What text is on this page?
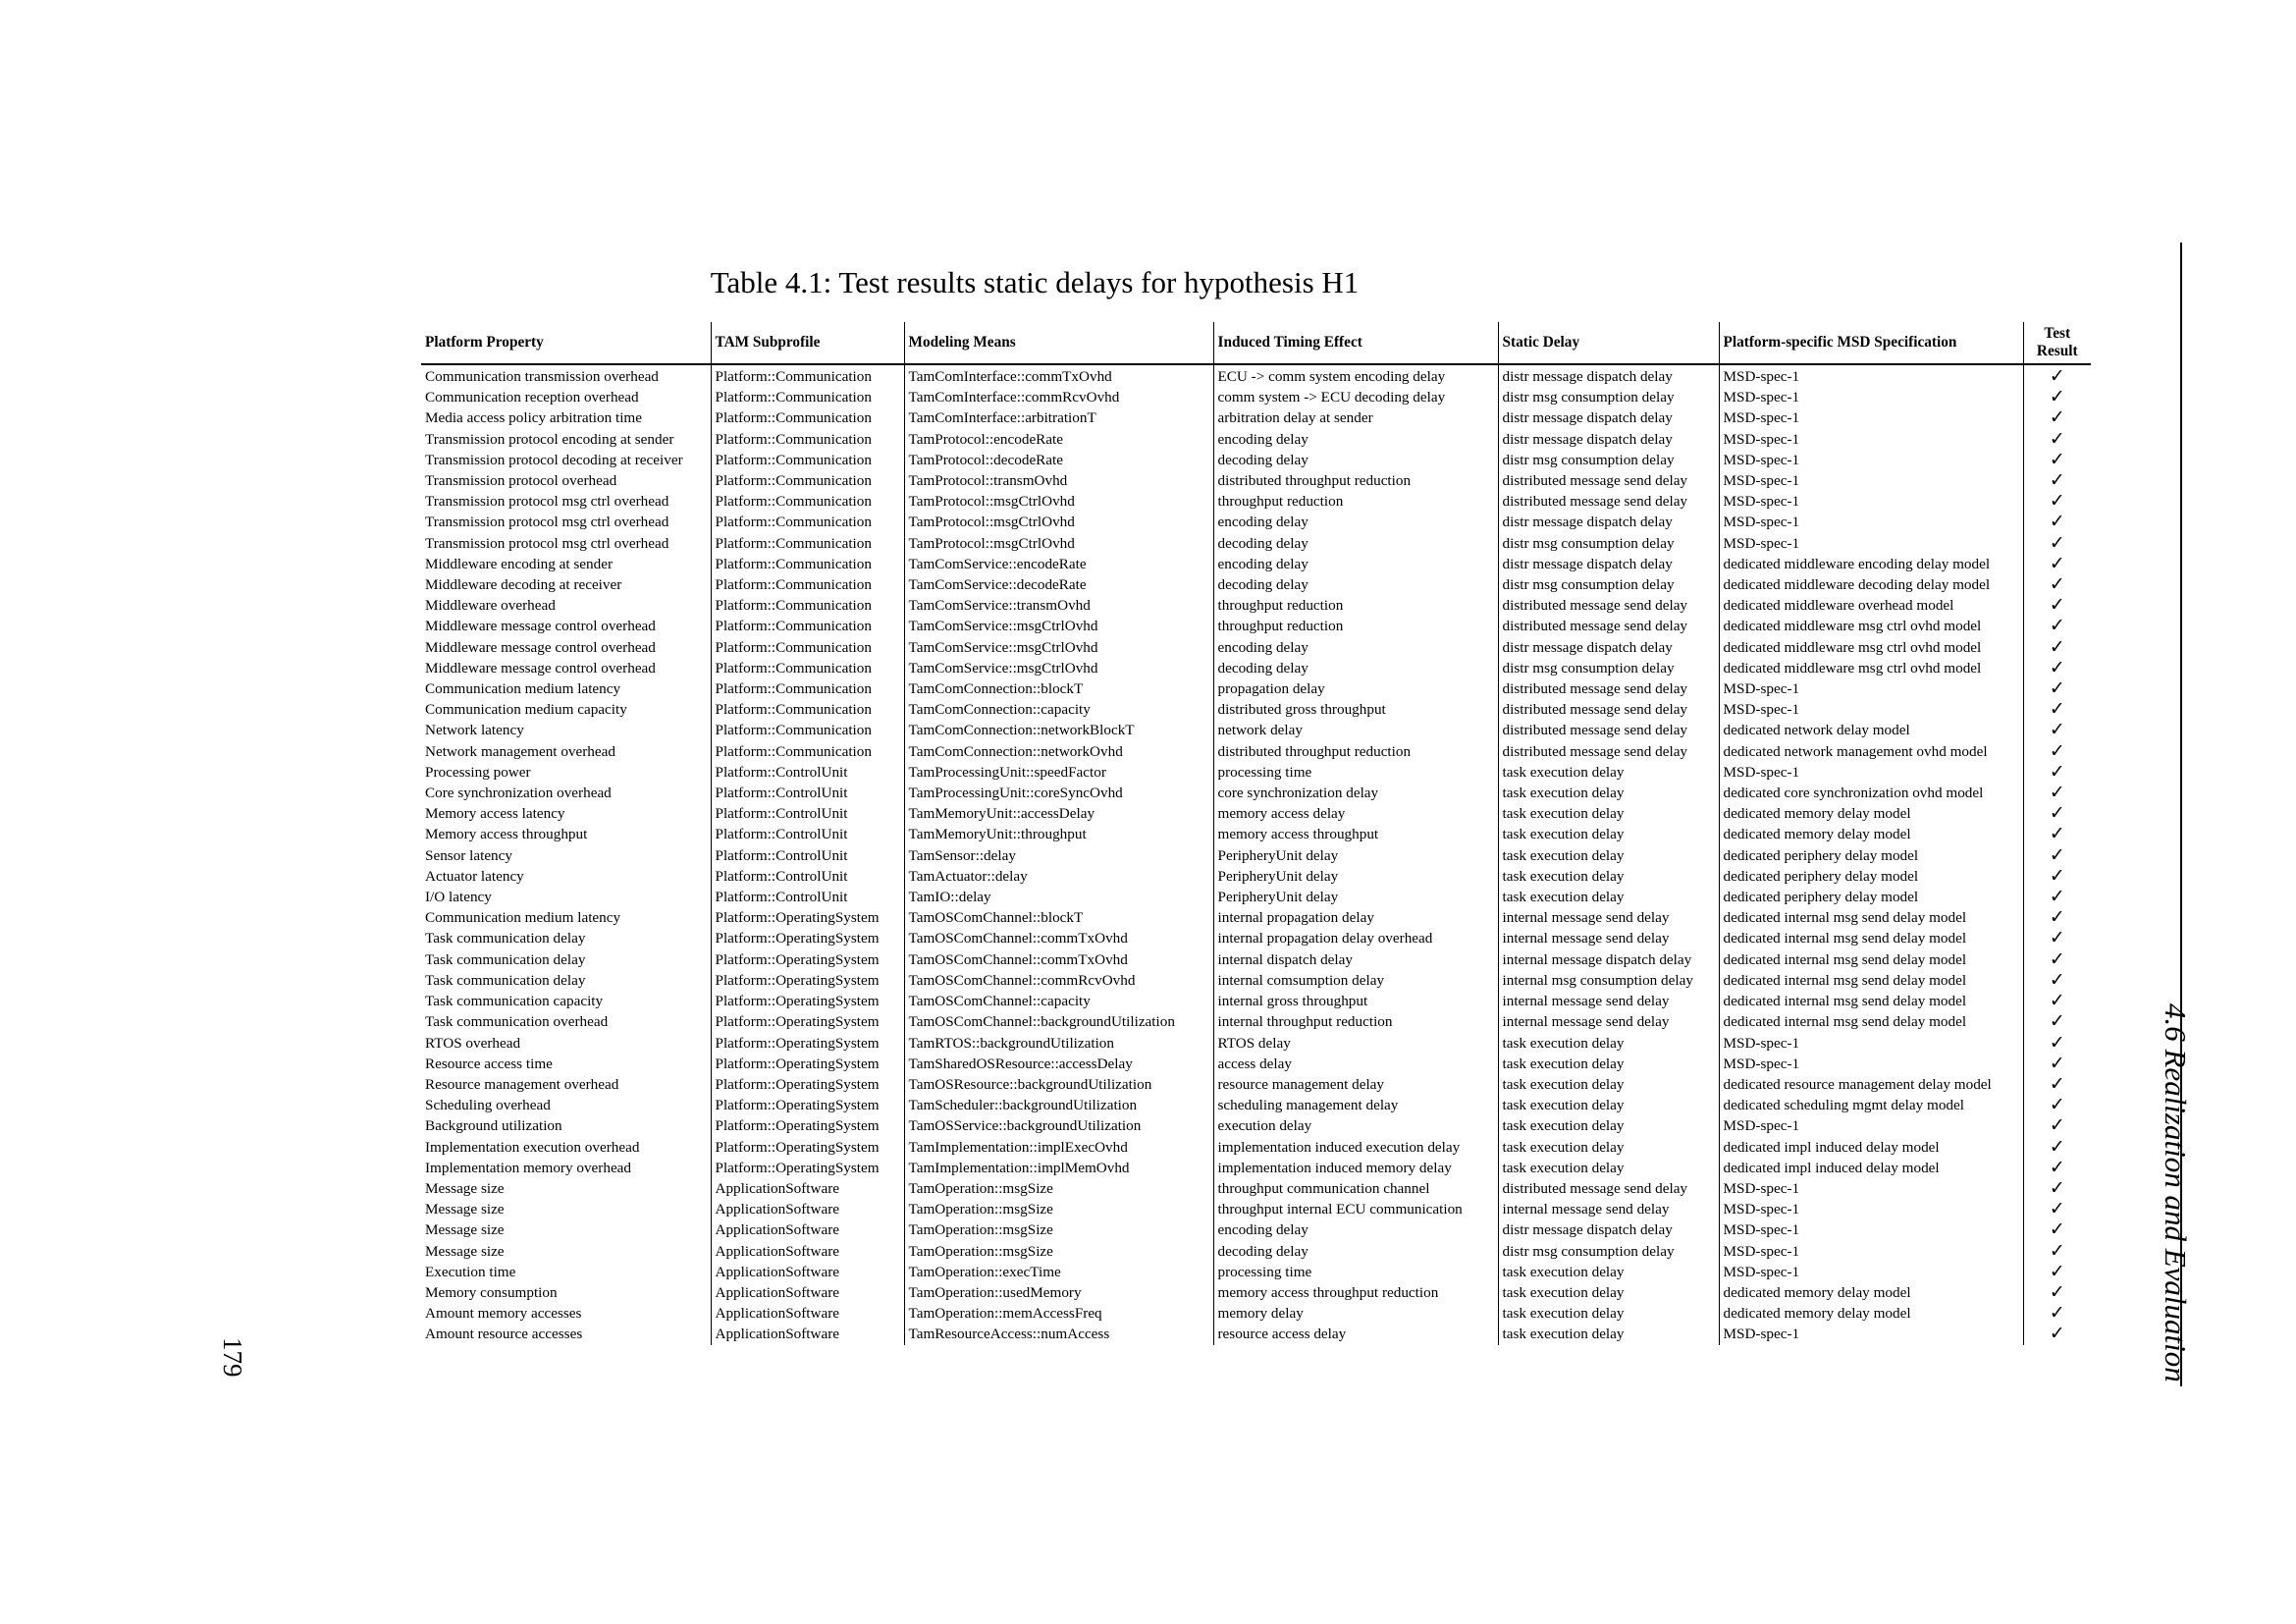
Table 4.1: Test results static delays for hypothesis H1
Platform Property	TAM Subprofile	Modeling Means	Induced Timing Effect	Static Delay	Platform-specific MSD Specification	Test Result
Communication transmission overhead	Platform::Communication	TamComInterface::commTxOvhd	ECU -> comm system encoding delay	distr message dispatch delay	MSD-spec-1	✓
Communication reception overhead	Platform::Communication	TamComInterface::commRcvOvhd	comm system -> ECU decoding delay	distr msg consumption delay	MSD-spec-1	✓
Media access policy arbitration time	Platform::Communication	TamComInterface::arbitrationT	arbitration delay at sender	distr message dispatch delay	MSD-spec-1	✓
Transmission protocol encoding at sender	Platform::Communication	TamProtocol::encodeRate	encoding delay	distr message dispatch delay	MSD-spec-1	✓
Transmission protocol decoding at receiver	Platform::Communication	TamProtocol::decodeRate	decoding delay	distr msg consumption delay	MSD-spec-1	✓
Transmission protocol overhead	Platform::Communication	TamProtocol::transmOvhd	distributed throughput reduction	distributed message send delay	MSD-spec-1	✓
Transmission protocol msg ctrl overhead	Platform::Communication	TamProtocol::msgCtrlOvhd	throughput reduction	distributed message send delay	MSD-spec-1	✓
Transmission protocol msg ctrl overhead	Platform::Communication	TamProtocol::msgCtrlOvhd	encoding delay	distr message dispatch delay	MSD-spec-1	✓
Transmission protocol msg ctrl overhead	Platform::Communication	TamProtocol::msgCtrlOvhd	decoding delay	distr msg consumption delay	MSD-spec-1	✓
Middleware encoding at sender	Platform::Communication	TamComService::encodeRate	encoding delay	distr message dispatch delay	dedicated middleware encoding delay model	✓
Middleware decoding at receiver	Platform::Communication	TamComService::decodeRate	decoding delay	distr msg consumption delay	dedicated middleware decoding delay model	✓
Middleware overhead	Platform::Communication	TamComService::transmOvhd	throughput reduction	distributed message send delay	dedicated middleware overhead model	✓
Middleware message control overhead	Platform::Communication	TamComService::msgCtrlOvhd	throughput reduction	distributed message send delay	dedicated middleware msg ctrl ovhd model	✓
Middleware message control overhead	Platform::Communication	TamComService::msgCtrlOvhd	encoding delay	distr message dispatch delay	dedicated middleware msg ctrl ovhd model	✓
Middleware message control overhead	Platform::Communication	TamComService::msgCtrlOvhd	decoding delay	distr msg consumption delay	dedicated middleware msg ctrl ovhd model	✓
Communication medium latency	Platform::Communication	TamComConnection::blockT	propagation delay	distributed message send delay	MSD-spec-1	✓
Communication medium capacity	Platform::Communication	TamComConnection::capacity	distributed gross throughput	distributed message send delay	MSD-spec-1	✓
Network latency	Platform::Communication	TamComConnection::networkBlockT	network delay	distributed message send delay	dedicated network delay model	✓
Network management overhead	Platform::Communication	TamComConnection::networkOvhd	distributed throughput reduction	distributed message send delay	dedicated network management ovhd model	✓
Processing power	Platform::ControlUnit	TamProcessingUnit::speedFactor	processing time	task execution delay	MSD-spec-1	✓
Core synchronization overhead	Platform::ControlUnit	TamProcessingUnit::coreSyncOvhd	core synchronization delay	task execution delay	dedicated core synchronization ovhd model	✓
Memory access latency	Platform::ControlUnit	TamMemoryUnit::accessDelay	memory access delay	task execution delay	dedicated memory delay model	✓
Memory access throughput	Platform::ControlUnit	TamMemoryUnit::throughput	memory access throughput	task execution delay	dedicated memory delay model	✓
Sensor latency	Platform::ControlUnit	TamSensor::delay	PeripheryUnit delay	task execution delay	dedicated periphery delay model	✓
Actuator latency	Platform::ControlUnit	TamActuator::delay	PeripheryUnit delay	task execution delay	dedicated periphery delay model	✓
I/O latency	Platform::ControlUnit	TamIO::delay	PeripheryUnit delay	task execution delay	dedicated periphery delay model	✓
Communication medium latency	Platform::OperatingSystem	TamOSComChannel::blockT	internal propagation delay	internal message send delay	dedicated internal msg send delay model	✓
Task communication delay	Platform::OperatingSystem	TamOSComChannel::commTxOvhd	internal propagation delay overhead	internal message send delay	dedicated internal msg send delay model	✓
Task communication delay	Platform::OperatingSystem	TamOSComChannel::commTxOvhd	internal dispatch delay	internal message dispatch delay	dedicated internal msg send delay model	✓
Task communication delay	Platform::OperatingSystem	TamOSComChannel::commRcvOvhd	internal comsumption delay	internal msg consumption delay	dedicated internal msg send delay model	✓
Task communication capacity	Platform::OperatingSystem	TamOSComChannel::capacity	internal gross throughput	internal message send delay	dedicated internal msg send delay model	✓
Task communication overhead	Platform::OperatingSystem	TamOSComChannel::backgroundUtilization	internal throughput reduction	internal message send delay	dedicated internal msg send delay model	✓
RTOS overhead	Platform::OperatingSystem	TamRTOS::backgroundUtilization	RTOS delay	task execution delay	MSD-spec-1	✓
Resource access time	Platform::OperatingSystem	TamSharedOSResource::accessDelay	access delay	task execution delay	MSD-spec-1	✓
Resource management overhead	Platform::OperatingSystem	TamOSResource::backgroundUtilization	resource management delay	task execution delay	dedicated resource management delay model	✓
Scheduling overhead	Platform::OperatingSystem	TamScheduler::backgroundUtilization	scheduling management delay	task execution delay	dedicated scheduling mgmt delay model	✓
Background utilization	Platform::OperatingSystem	TamOSService::backgroundUtilization	execution delay	task execution delay	MSD-spec-1	✓
Implementation execution overhead	Platform::OperatingSystem	TamImplementation::implExecOvhd	implementation induced execution delay	task execution delay	dedicated impl induced delay model	✓
Implementation memory overhead	Platform::OperatingSystem	TamImplementation::implMemOvhd	implementation induced memory delay	task execution delay	dedicated impl induced delay model	✓
Message size	ApplicationSoftware	TamOperation::msgSize	throughput communication channel	distributed message send delay	MSD-spec-1	✓
Message size	ApplicationSoftware	TamOperation::msgSize	throughput internal ECU communication	internal message send delay	MSD-spec-1	✓
Message size	ApplicationSoftware	TamOperation::msgSize	encoding delay	distr message dispatch delay	MSD-spec-1	✓
Message size	ApplicationSoftware	TamOperation::msgSize	decoding delay	distr msg consumption delay	MSD-spec-1	✓
Execution time	ApplicationSoftware	TamOperation::execTime	processing time	task execution delay	MSD-spec-1	✓
Memory consumption	ApplicationSoftware	TamOperation::usedMemory	memory access throughput reduction	task execution delay	dedicated memory delay model	✓
Amount memory accesses	ApplicationSoftware	TamOperation::memAccessFreq	memory delay	task execution delay	dedicated memory delay model	✓
Amount resource accesses	ApplicationSoftware	TamResourceAccess::numAccess	resource access delay	task execution delay	MSD-spec-1	✓
179	4.6 Realization and Evaluation
